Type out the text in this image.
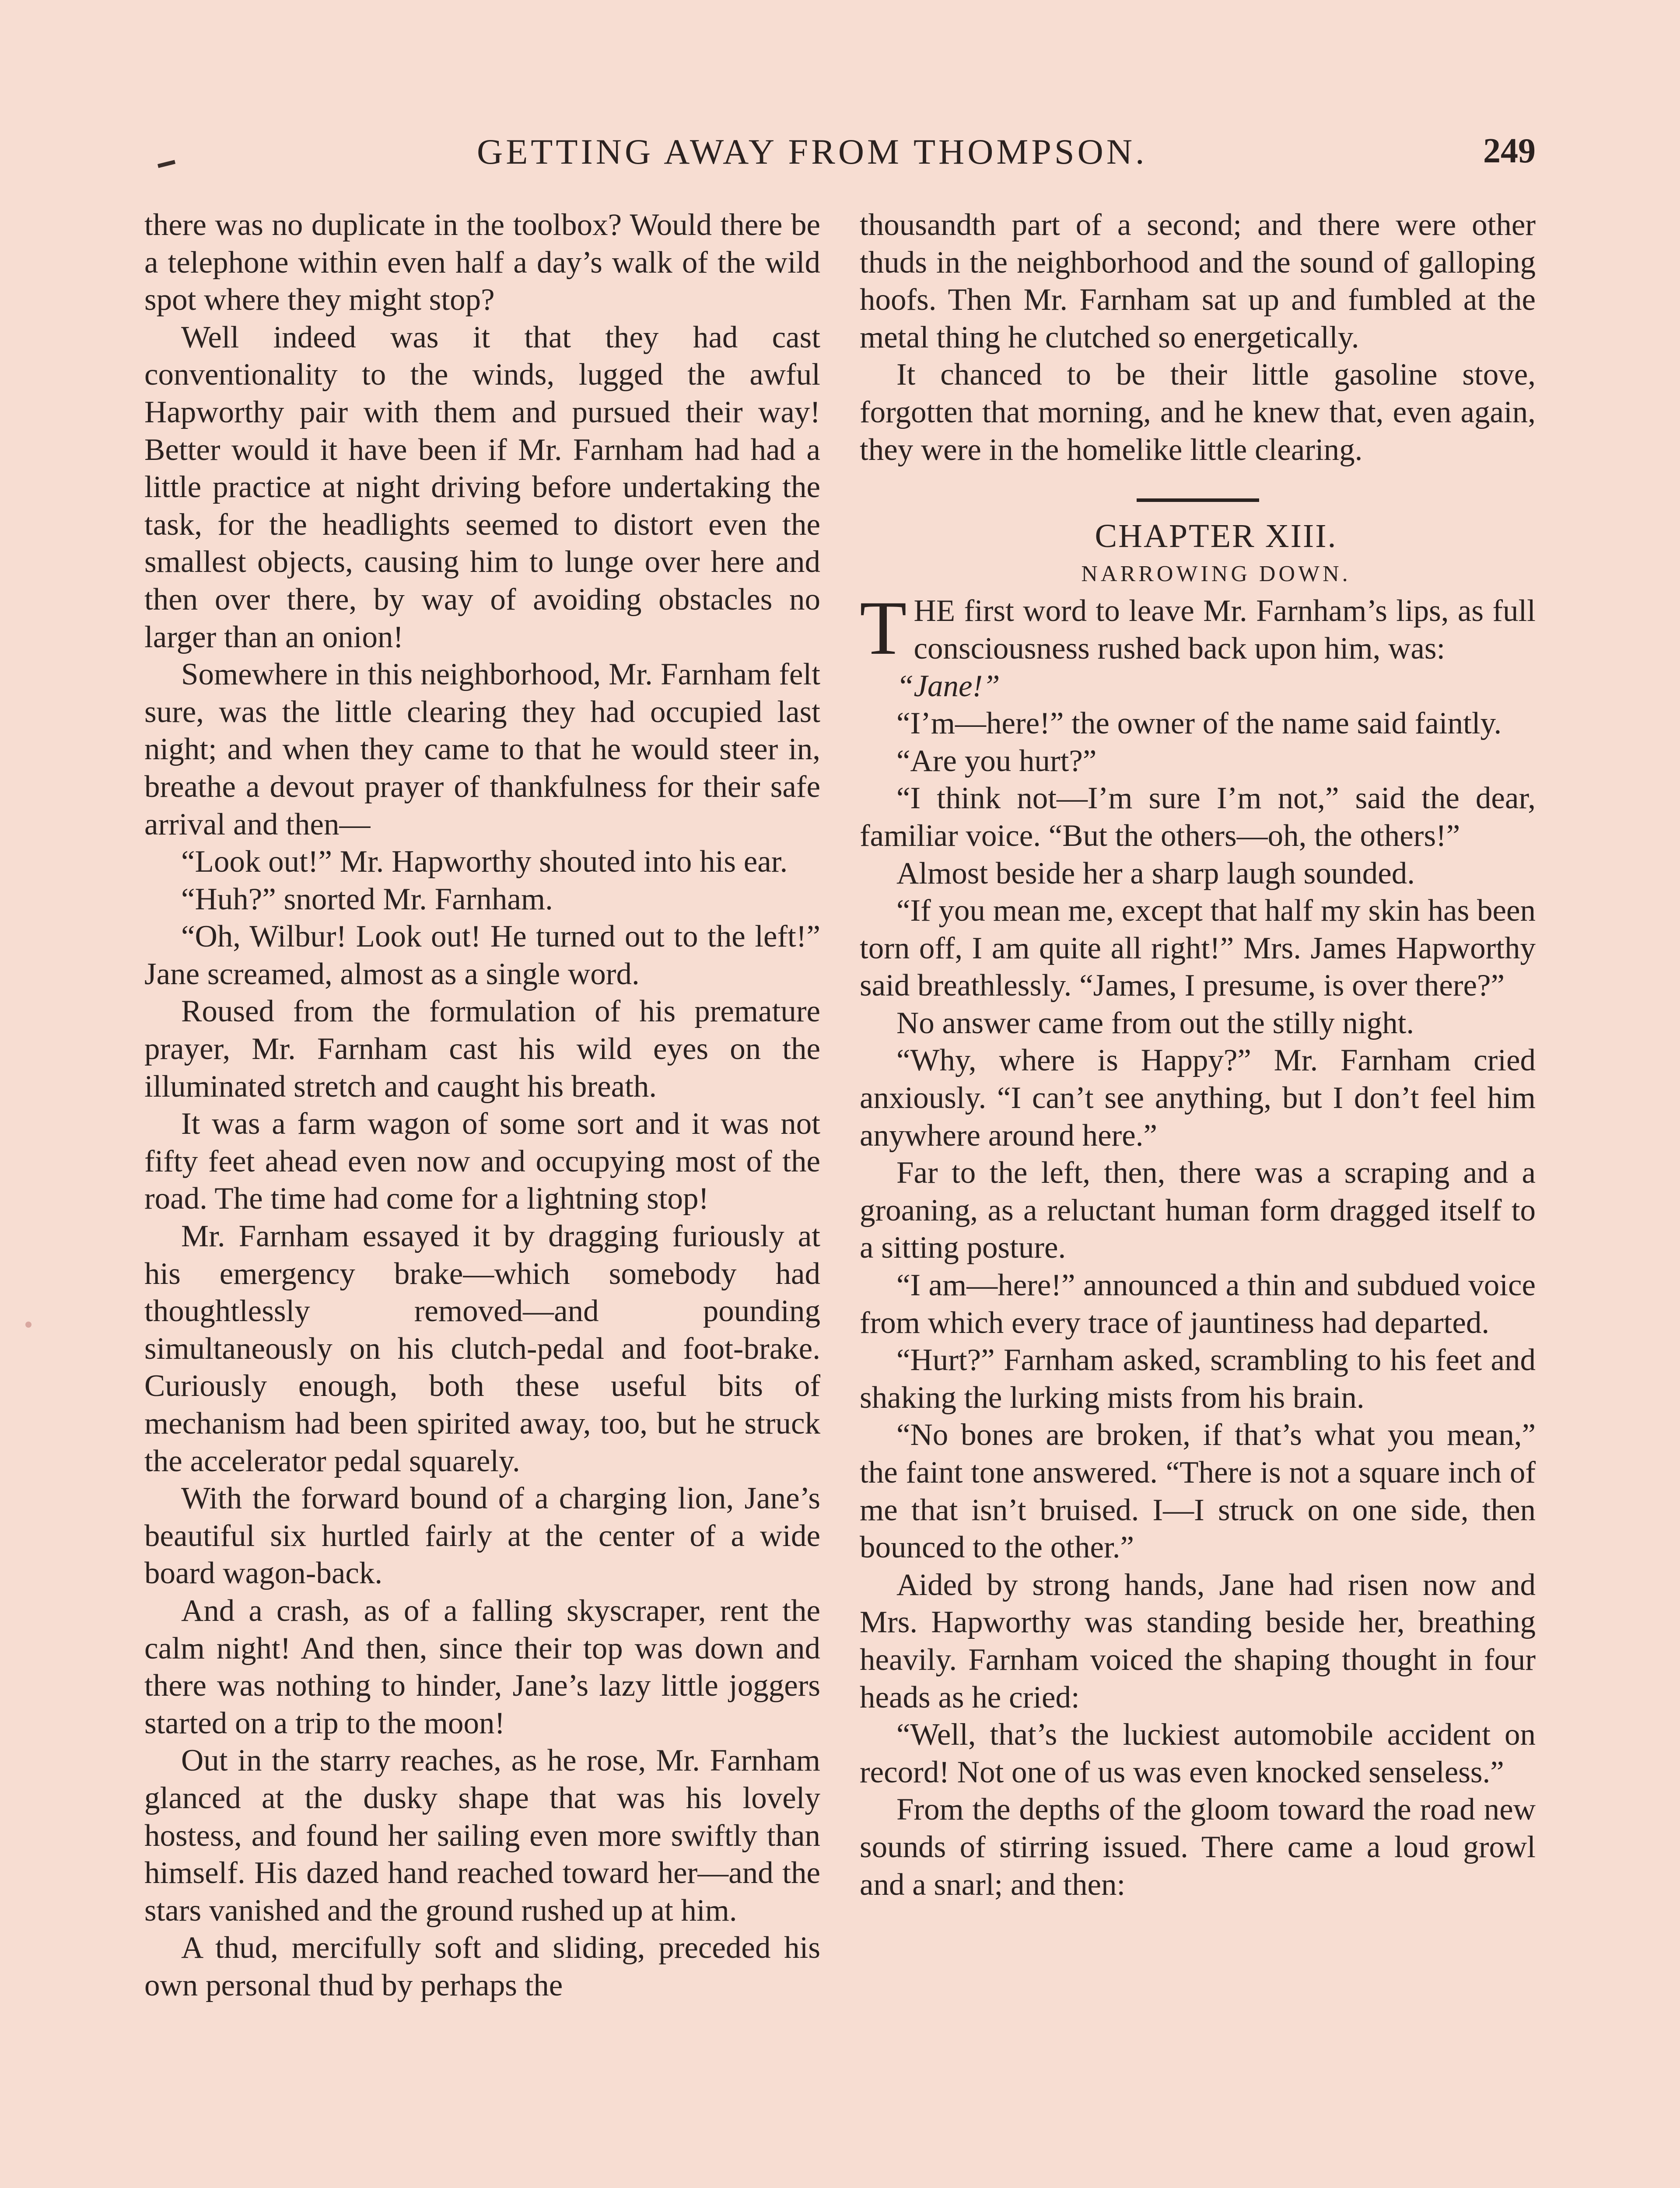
GETTING AWAY FROM THOMPSON.	249

there was no duplicate in the toolbox? Would there be a telephone within even half a day’s walk of the wild spot where they might stop?

Well indeed was it that they had cast conventionality to the winds, lugged the awful Hapworthy pair with them and pursued their way! Better would it have been if Mr. Farnham had had a little practice at night driving before undertaking the task, for the headlights seemed to distort even the smallest objects, causing him to lunge over here and then over there, by way of avoiding obstacles no larger than an onion!

Somewhere in this neighborhood, Mr. Farnham felt sure, was the little clearing they had occupied last night; and when they came to that he would steer in, breathe a devout prayer of thankfulness for their safe arrival and then—

“Look out!” Mr. Hapworthy shouted into his ear.

“Huh?” snorted Mr. Farnham.

“Oh, Wilbur! Look out! He turned out to the left!” Jane screamed, almost as a single word.

Roused from the formulation of his premature prayer, Mr. Farnham cast his wild eyes on the illuminated stretch and caught his breath.

It was a farm wagon of some sort and it was not fifty feet ahead even now and occupying most of the road. The time had come for a lightning stop!

Mr. Farnham essayed it by dragging furiously at his emergency brake—which somebody had thoughtlessly removed—and pounding simultaneously on his clutch-pedal and foot-brake. Curiously enough, both these useful bits of mechanism had been spirited away, too, but he struck the accelerator pedal squarely.

With the forward bound of a charging lion, Jane’s beautiful six hurtled fairly at the center of a wide board wagon-back.

And a crash, as of a falling skyscraper, rent the calm night! And then, since their top was down and there was nothing to hinder, Jane’s lazy little joggers started on a trip to the moon!

Out in the starry reaches, as he rose, Mr. Farnham glanced at the dusky shape that was his lovely hostess, and found her sailing even more swiftly than himself. His dazed hand reached toward her—and the stars vanished and the ground rushed up at him.

A thud, mercifully soft and sliding, preceded his own personal thud by perhaps the

thousandth part of a second; and there were other thuds in the neighborhood and the sound of galloping hoofs. Then Mr. Farnham sat up and fumbled at the metal thing he clutched so energetically.

It chanced to be their little gasoline stove, forgotten that morning, and he knew that, even again, they were in the homelike little clearing.

CHAPTER XIII.

NARROWING DOWN.

THE first word to leave Mr. Farnham’s lips, as full consciousness rushed back upon him, was:

“Jane!”

“I’m—here!” the owner of the name said faintly.

“Are you hurt?”

“I think not—I’m sure I’m not,” said the dear, familiar voice. “But the others—oh, the others!”

Almost beside her a sharp laugh sounded.

“If you mean me, except that half my skin has been torn off, I am quite all right!” Mrs. James Hapworthy said breathlessly. “James, I presume, is over there?”

No answer came from out the stilly night.

“Why, where is Happy?” Mr. Farnham cried anxiously. “I can’t see anything, but I don’t feel him anywhere around here.”

Far to the left, then, there was a scraping and a groaning, as a reluctant human form dragged itself to a sitting posture.

“I am—here!” announced a thin and subdued voice from which every trace of jauntiness had departed.

“Hurt?” Farnham asked, scrambling to his feet and shaking the lurking mists from his brain.

“No bones are broken, if that’s what you mean,” the faint tone answered. “There is not a square inch of me that isn’t bruised. I—I struck on one side, then bounced to the other.”

Aided by strong hands, Jane had risen now and Mrs. Hapworthy was standing beside her, breathing heavily. Farnham voiced the shaping thought in four heads as he cried:

“Well, that’s the luckiest automobile accident on record! Not one of us was even knocked senseless.”

From the depths of the gloom toward the road new sounds of stirring issued. There came a loud growl and a snarl; and then:
